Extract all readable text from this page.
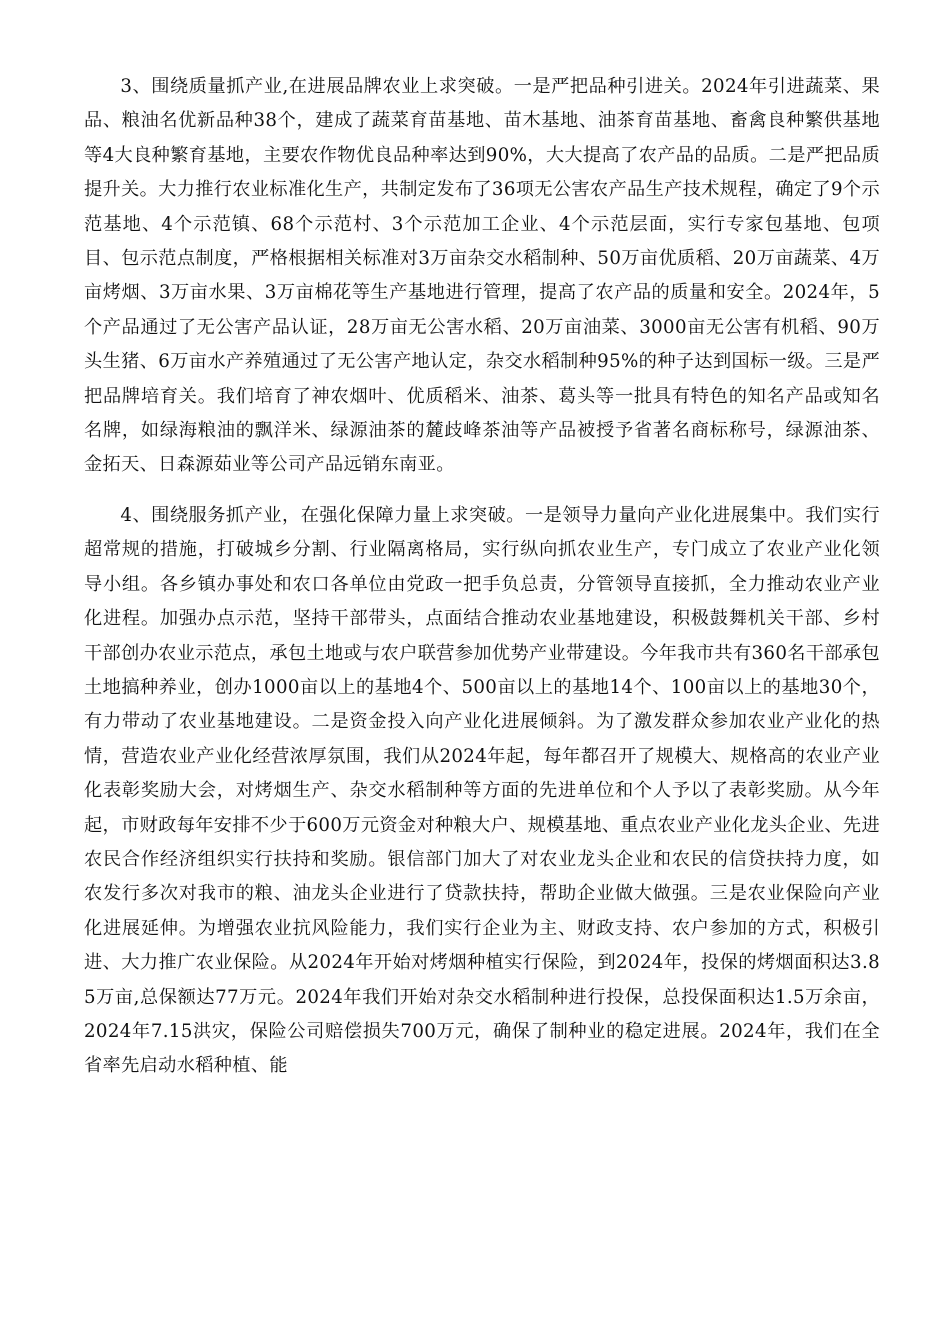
3、围绕质量抓产业,在进展品牌农业上求突破。一是严把品种引进关。2024年引进蔬菜、果品、粮油名优新品种38个，建成了蔬菜育苗基地、苗木基地、油茶育苗基地、畜禽良种繁供基地等4大良种繁育基地，主要农作物优良品种率达到90%，大大提高了农产品的品质。二是严把品质提升关。大力推行农业标准化生产，共制定发布了36项无公害农产品生产技术规程，确定了9个示范基地、4个示范镇、68个示范村、3个示范加工企业、4个示范层面，实行专家包基地、包项目、包示范点制度，严格根据相关标准对3万亩杂交水稻制种、50万亩优质稻、20万亩蔬菜、4万亩烤烟、3万亩水果、3万亩棉花等生产基地进行管理，提高了农产品的质量和安全。2024年，5个产品通过了无公害产品认证，28万亩无公害水稻、20万亩油菜、3000亩无公害有机稻、90万头生猪、6万亩水产养殖通过了无公害产地认定，杂交水稻制种95%的种子达到国标一级。三是严把品牌培育关。我们培育了神农烟叶、优质稻米、油茶、葛头等一批具有特色的知名产品或知名名牌，如绿海粮油的飘洋米、绿源油茶的麓歧峰茶油等产品被授予省著名商标称号，绿源油茶、金拓天、日森源茹业等公司产品远销东南亚。

4、围绕服务抓产业，在强化保障力量上求突破。一是领导力量向产业化进展集中。我们实行超常规的措施，打破城乡分割、行业隔离格局，实行纵向抓农业生产，专门成立了农业产业化领导小组。各乡镇办事处和农口各单位由党政一把手负总责，分管领导直接抓，全力推动农业产业化进程。加强办点示范，坚持干部带头，点面结合推动农业基地建设，积极鼓舞机关干部、乡村干部创办农业示范点，承包土地或与农户联营参加优势产业带建设。今年我市共有360名干部承包土地搞种养业，创办1000亩以上的基地4个、500亩以上的基地14个、100亩以上的基地30个，有力带动了农业基地建设。二是资金投入向产业化进展倾斜。为了激发群众参加农业产业化的热情，营造农业产业化经营浓厚氛围，我们从2024年起，每年都召开了规模大、规格高的农业产业化表彰奖励大会，对烤烟生产、杂交水稻制种等方面的先进单位和个人予以了表彰奖励。从今年起，市财政每年安排不少于600万元资金对种粮大户、规模基地、重点农业产业化龙头企业、先进农民合作经济组织实行扶持和奖励。银信部门加大了对农业龙头企业和农民的信贷扶持力度，如农发行多次对我市的粮、油龙头企业进行了贷款扶持，帮助企业做大做强。三是农业保险向产业化进展延伸。为增强农业抗风险能力，我们实行企业为主、财政支持、农户参加的方式，积极引进、大力推广农业保险。从2024年开始对烤烟种植实行保险，到2024年，投保的烤烟面积达3.85万亩,总保额达77万元。2024年我们开始对杂交水稻制种进行投保，总投保面积达1.5万余亩，2024年7.15洪灾，保险公司赔偿损失700万元，确保了制种业的稳定进展。2024年，我们在全省率先启动水稻种植、能
